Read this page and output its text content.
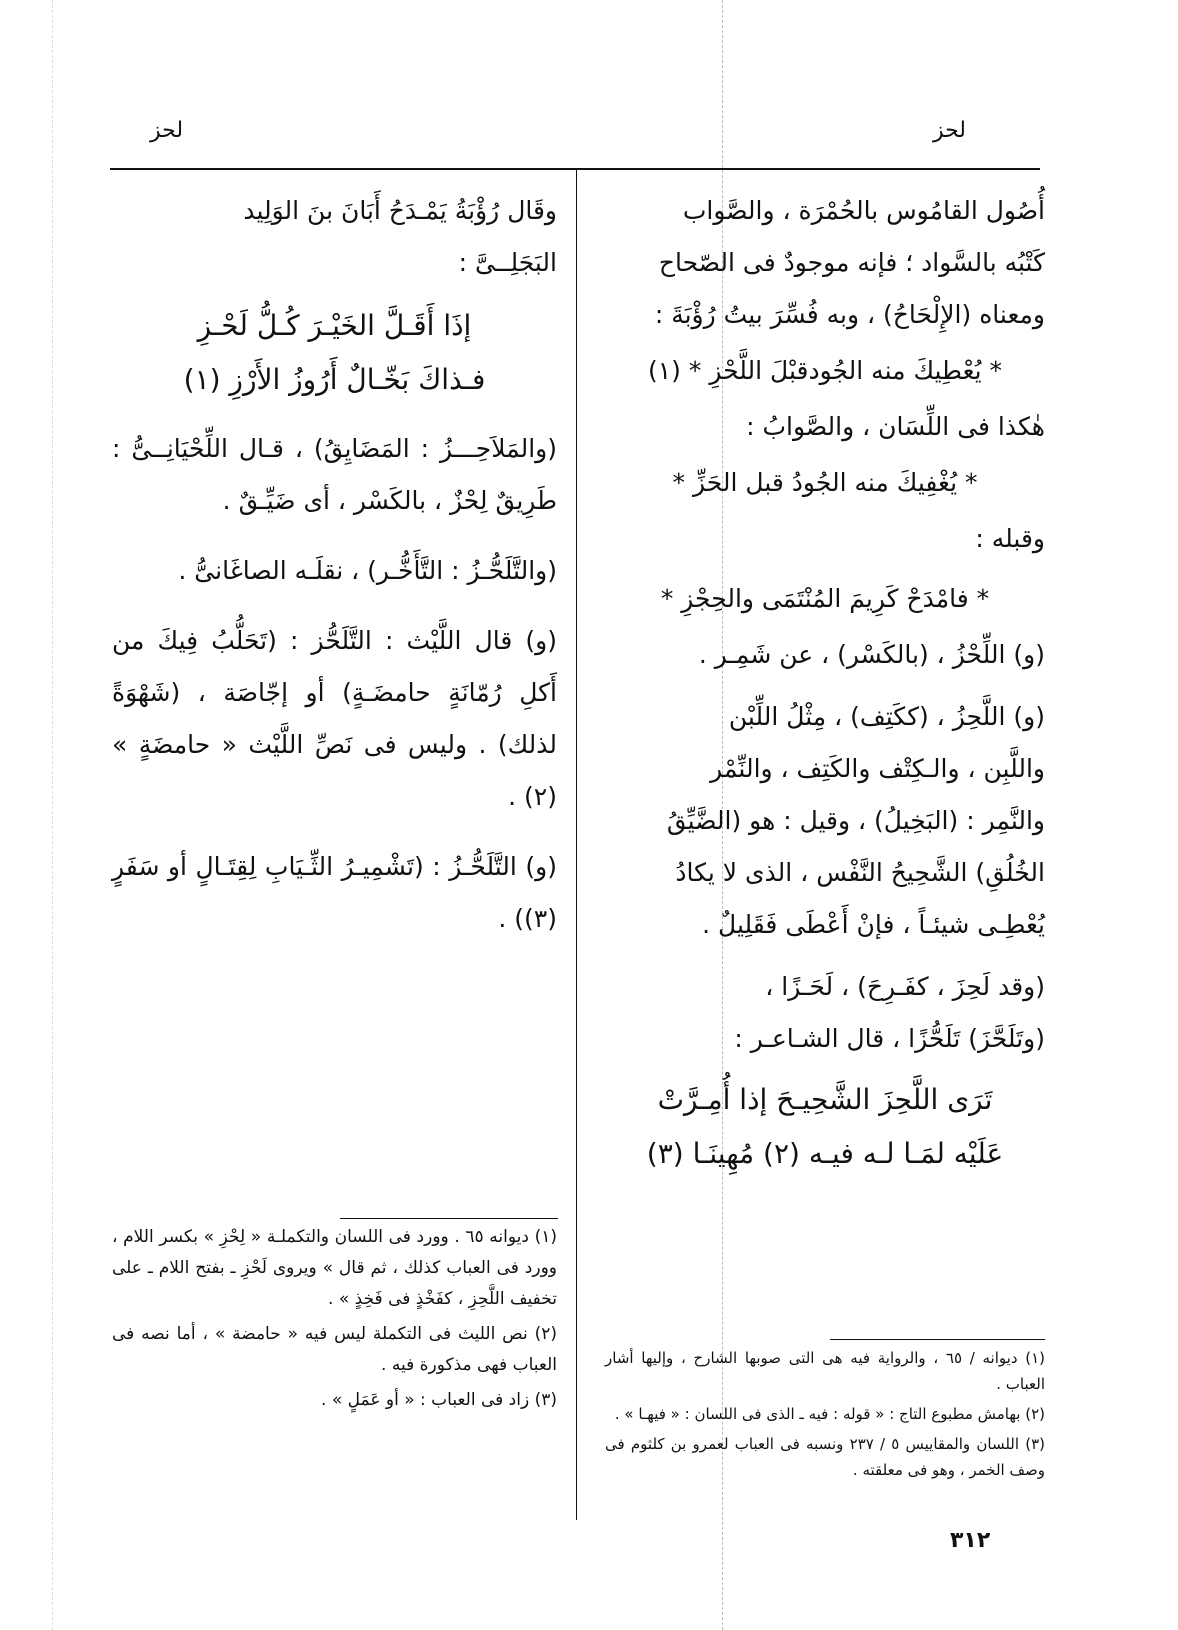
لحز
لحز

أُصُول القامُوس بالحُمْرَة ، والصَّواب

كَتْبُه بالسَّواد ؛ فإنه موجودٌ فى الصّحاح

ومعناه (الإِلْحَاحُ) ، وبه فُسِّرَ بيتُ رُؤْبَةَ :

* يُعْطِيكَ منه الجُودقبْلَ اللَّحْزِ * (١)

هٰكذا فى اللِّسَان ، والصَّوابُ :

* يُغْفِيكَ منه الجُودُ قبل الحَزِّ *

وقبله :

* فامْدَحْ كَرِيمَ المُنْتَمَى والحِجْزِ *

(و) اللِّحْزُ ، (بالكَسْر) ، عن شَمِـر .

(و) اللَّحِزُ ، (ككَتِف) ، مِثْلُ اللِّبْن

واللَّبِن ، والـكِتْف والكَتِف ، والنِّمْر

والنَّمِر : (البَخِيلُ) ، وقيل : هو (الضَّيِّقُ

الخُلُقِ) الشَّحِيحُ النَّفْس ، الذى لا يكادُ

يُعْطِـى شيئـاً ، فإنْ أَعْطَى فَقَلِيلٌ .

(وقد لَحِزَ ، كفَـرِحَ) ، لَحَـزًا ،

(وتَلَحَّزَ) تَلَحُّزًا ، قال الشـاعـر :

تَرَى اللَّحِزَ الشَّحِيـحَ إذا أُمِـرَّتْ

عَلَيْه لمَـا لـه فيـه (٢) مُهِينَـا (٣)

(١) ديوانه / ٦٥ ، والرواية فيه هى التى صوبها الشارح ، وإليها أشار العباب .

(٢) بهامش مطبوع التاج : « قوله : فيه ـ الذى فى اللسان : « فيهـا » .

(٣) اللسان والمقاييس ٥ / ٢٣٧ ونسبه فى العباب لعمرو بن كلثوم فى وصف الخمر ، وهو فى معلقته .

وقَال رُؤْبَةُ يَمْـدَحُ أَبَانَ بنَ الوَلِيد

البَجَلِــىَّ :

إذَا أَقَـلَّ الخَيْـرَ كُـلُّ لَحْـزِ

فـذاكَ بَخّـالٌ أَرُوزُ الأَرْزِ (١)

(والمَلاَحِـــزُ : المَضَايِقُ) ، قـال اللِّحْيَانِــىُّ : طَرِيقٌ لِحْزٌ ، بالكَسْر ، أى ضَيِّـقٌ .

(والتَّلَحُّـزُ : التَّأَخُّـر) ، نقلَـه الصاغَانىُّ .

(و) قال اللَّيْث : التَّلَحُّز : (تَحَلُّبُ فِيكَ من أَكلِ رُمّانَةٍ حامضَـةٍ) أو إجّاصَة ، (شَهْوَةً لذلك) . وليس فى نَصِّ اللَّيْث « حامضَةٍ » (٢) .

(و) التَّلَحُّـزُ : (تَشْمِيـرُ الثِّـيَابِ لِقِتَـالٍ أو سَفَرٍ (٣)) .

(١) ديوانه ٦٥ . وورد فى اللسان والتكملـة « لِحْزِ » بكسر اللام ، وورد فى العباب كذلك ، ثم قال » ويروى لَحْزِ ـ بفتح اللام ـ على تخفيف اللَّحِزِ ، كفَخْذٍ فى فَخِذٍ » .

(٢) نص الليث فى التكملة ليس فيه « حامضة » ، أما نصه فى العباب فهى مذكورة فيه .

(٣) زاد فى العباب : « أو عَمَلٍ » .

٣١٢
